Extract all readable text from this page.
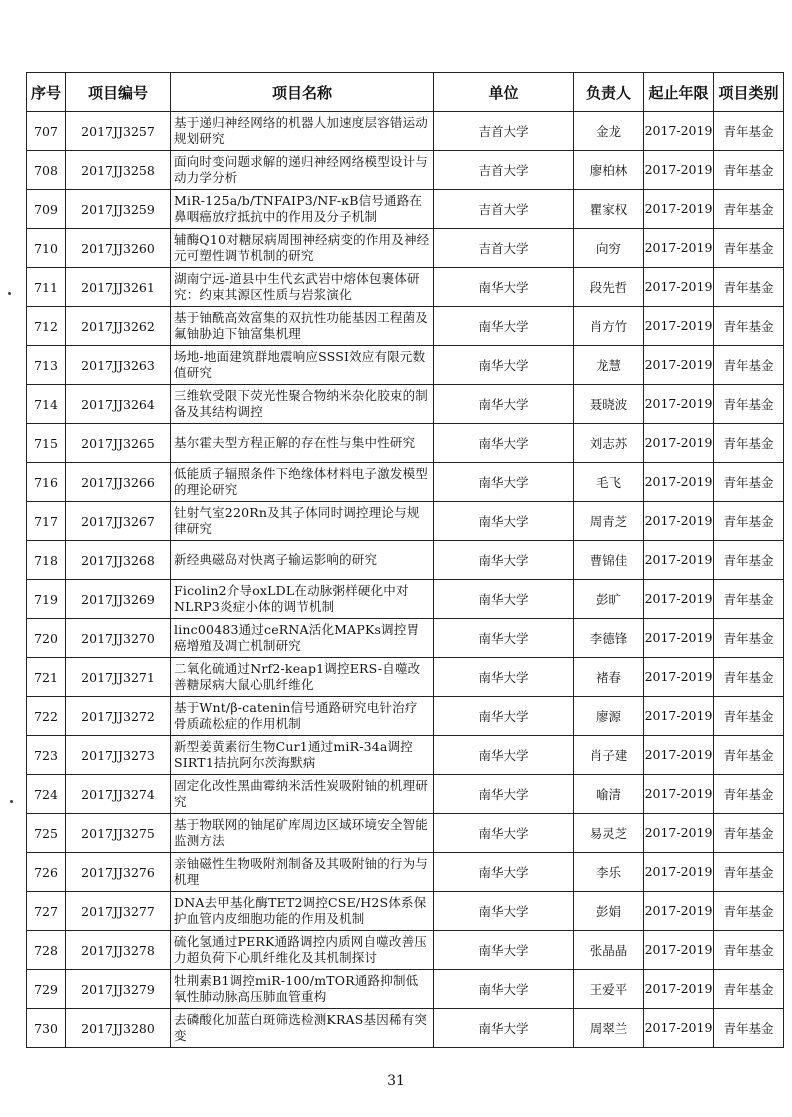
序号	项目编号	项目名称	单位	负责人	起止年限	项目类别
707	2017JJ3257	基于递归神经网络的机器人加速度层容错运动规划研究	吉首大学	金龙	2017-2019	青年基金
708	2017JJ3258	面向时变问题求解的递归神经网络模型设计与动力学分析	吉首大学	廖柏林	2017-2019	青年基金
709	2017JJ3259	MiR-125a/b/TNFAIP3/NF-κB信号通路在鼻咽癌放疗抵抗中的作用及分子机制	吉首大学	瞿家权	2017-2019	青年基金
710	2017JJ3260	辅酶Q10对糖尿病周围神经病变的作用及神经元可塑性调节机制的研究	吉首大学	向穷	2017-2019	青年基金
711	2017JJ3261	湖南宁远-道县中生代玄武岩中熔体包裹体研究：约束其源区性质与岩浆演化	南华大学	段先哲	2017-2019	青年基金
712	2017JJ3262	基于铀酰高效富集的双抗性功能基因工程菌及氟铀胁迫下铀富集机理	南华大学	肖方竹	2017-2019	青年基金
713	2017JJ3263	场地-地面建筑群地震响应SSSI效应有限元数值研究	南华大学	龙慧	2017-2019	青年基金
714	2017JJ3264	三维软受限下荧光性聚合物纳米杂化胶束的制备及其结构调控	南华大学	聂晓波	2017-2019	青年基金
715	2017JJ3265	基尔霍夫型方程正解的存在性与集中性研究	南华大学	刘志苏	2017-2019	青年基金
716	2017JJ3266	低能质子辐照条件下绝缘体材料电子激发模型的理论研究	南华大学	毛飞	2017-2019	青年基金
717	2017JJ3267	钍射气室220Rn及其子体同时调控理论与规律研究	南华大学	周青芝	2017-2019	青年基金
718	2017JJ3268	新经典磁岛对快离子输运影响的研究	南华大学	曹锦佳	2017-2019	青年基金
719	2017JJ3269	Ficolin2介导oxLDL在动脉粥样硬化中对NLRP3炎症小体的调节机制	南华大学	彭旷	2017-2019	青年基金
720	2017JJ3270	linc00483通过ceRNA活化MAPKs调控胃癌增殖及凋亡机制研究	南华大学	李德锋	2017-2019	青年基金
721	2017JJ3271	二氧化硫通过Nrf2-keap1调控ERS-自噬改善糖尿病大鼠心肌纤维化	南华大学	褚春	2017-2019	青年基金
722	2017JJ3272	基于Wnt/β-catenin信号通路研究电针治疗骨质疏松症的作用机制	南华大学	廖源	2017-2019	青年基金
723	2017JJ3273	新型姜黄素衍生物Cur1通过miR-34a调控SIRT1拮抗阿尔茨海默病	南华大学	肖子建	2017-2019	青年基金
724	2017JJ3274	固定化改性黑曲霉纳米活性炭吸附铀的机理研究	南华大学	喻清	2017-2019	青年基金
725	2017JJ3275	基于物联网的铀尾矿库周边区域环境安全智能监测方法	南华大学	易灵芝	2017-2019	青年基金
726	2017JJ3276	亲铀磁性生物吸附剂制备及其吸附铀的行为与机理	南华大学	李乐	2017-2019	青年基金
727	2017JJ3277	DNA去甲基化酶TET2调控CSE/H2S体系保护血管内皮细胞功能的作用及机制	南华大学	彭娟	2017-2019	青年基金
728	2017JJ3278	硫化氢通过PERK通路调控内质网自噬改善压力超负荷下心肌纤维化及其机制探讨	南华大学	张晶晶	2017-2019	青年基金
729	2017JJ3279	牡荆素B1调控miR-100/mTOR通路抑制低氧性肺动脉高压肺血管重构	南华大学	王爱平	2017-2019	青年基金
730	2017JJ3280	去磷酸化加蓝白斑筛选检测KRAS基因稀有突变	南华大学	周翠兰	2017-2019	青年基金
31
